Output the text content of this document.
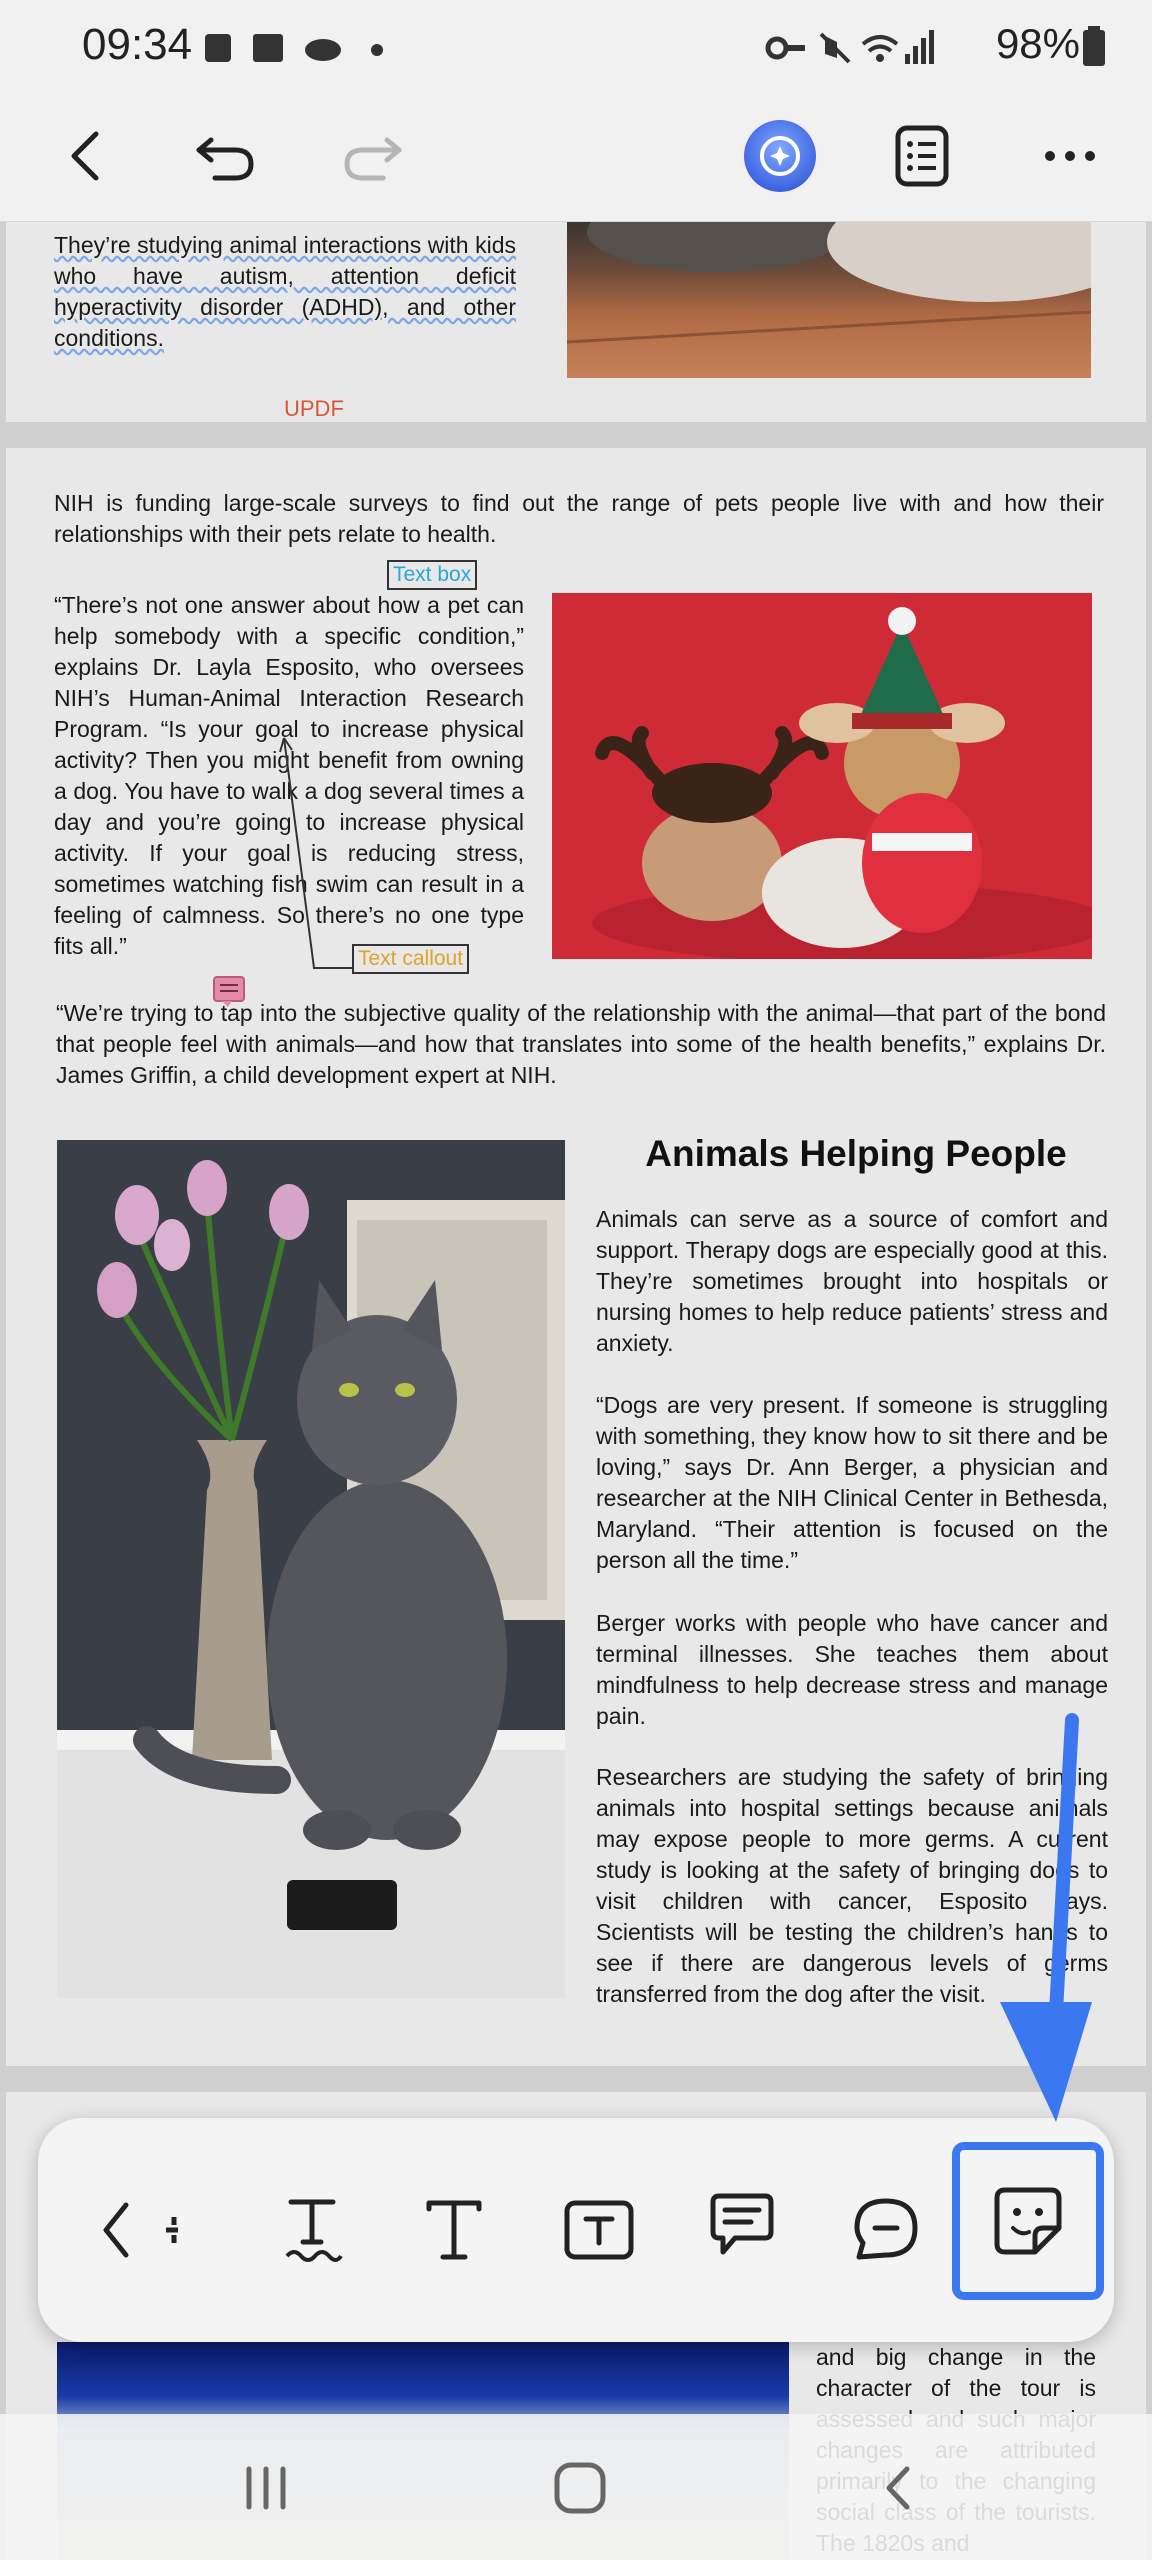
09:34	98%
They’re studying animal interactions with kids who have autism, attention deficit hyperactivity disorder (ADHD), and other conditions.
UPDF
NIH is funding large-scale surveys to find out the range of pets people live with and how their relationships with their pets relate to health.
Text box
“There’s not one answer about how a pet can help somebody with a specific condition,” explains Dr. Layla Esposito, who oversees NIH’s Human-Animal Interaction Research Program. “Is your goal to increase physical activity? Then you might benefit from owning a dog. You have to walk a dog several times a day and you’re going to increase physical activity. If your goal is reducing stress, sometimes watching fish swim can result in a feeling of calmness. So there’s no one type fits all.”	Text callout
“We’re trying to tap into the subjective quality of the relationship with the animal—that part of the bond that people feel with animals—and how that translates into some of the health benefits,” explains Dr. James Griffin, a child development expert at NIH.
Animals Helping People
Animals can serve as a source of comfort and support. Therapy dogs are especially good at this. They’re sometimes brought into hospitals or nursing homes to help reduce patients’ stress and anxiety.
“Dogs are very present. If someone is struggling with something, they know how to sit there and be loving,” says Dr. Ann Berger, a physician and researcher at the NIH Clinical Center in Bethesda, Maryland. “Their attention is focused on the person all the time.”
Berger works with people who have cancer and terminal illnesses. She teaches them about mindfulness to help decrease stress and manage pain.
Researchers are studying the safety of bringing animals into hospital settings because animals may expose people to more germs. A current study is looking at the safety of bringing dogs to visit children with cancer, Esposito says. Scientists will be testing the children’s hands to see if there are dangerous levels of germs transferred from the dog after the visit.
and big change in the character of the tour is
